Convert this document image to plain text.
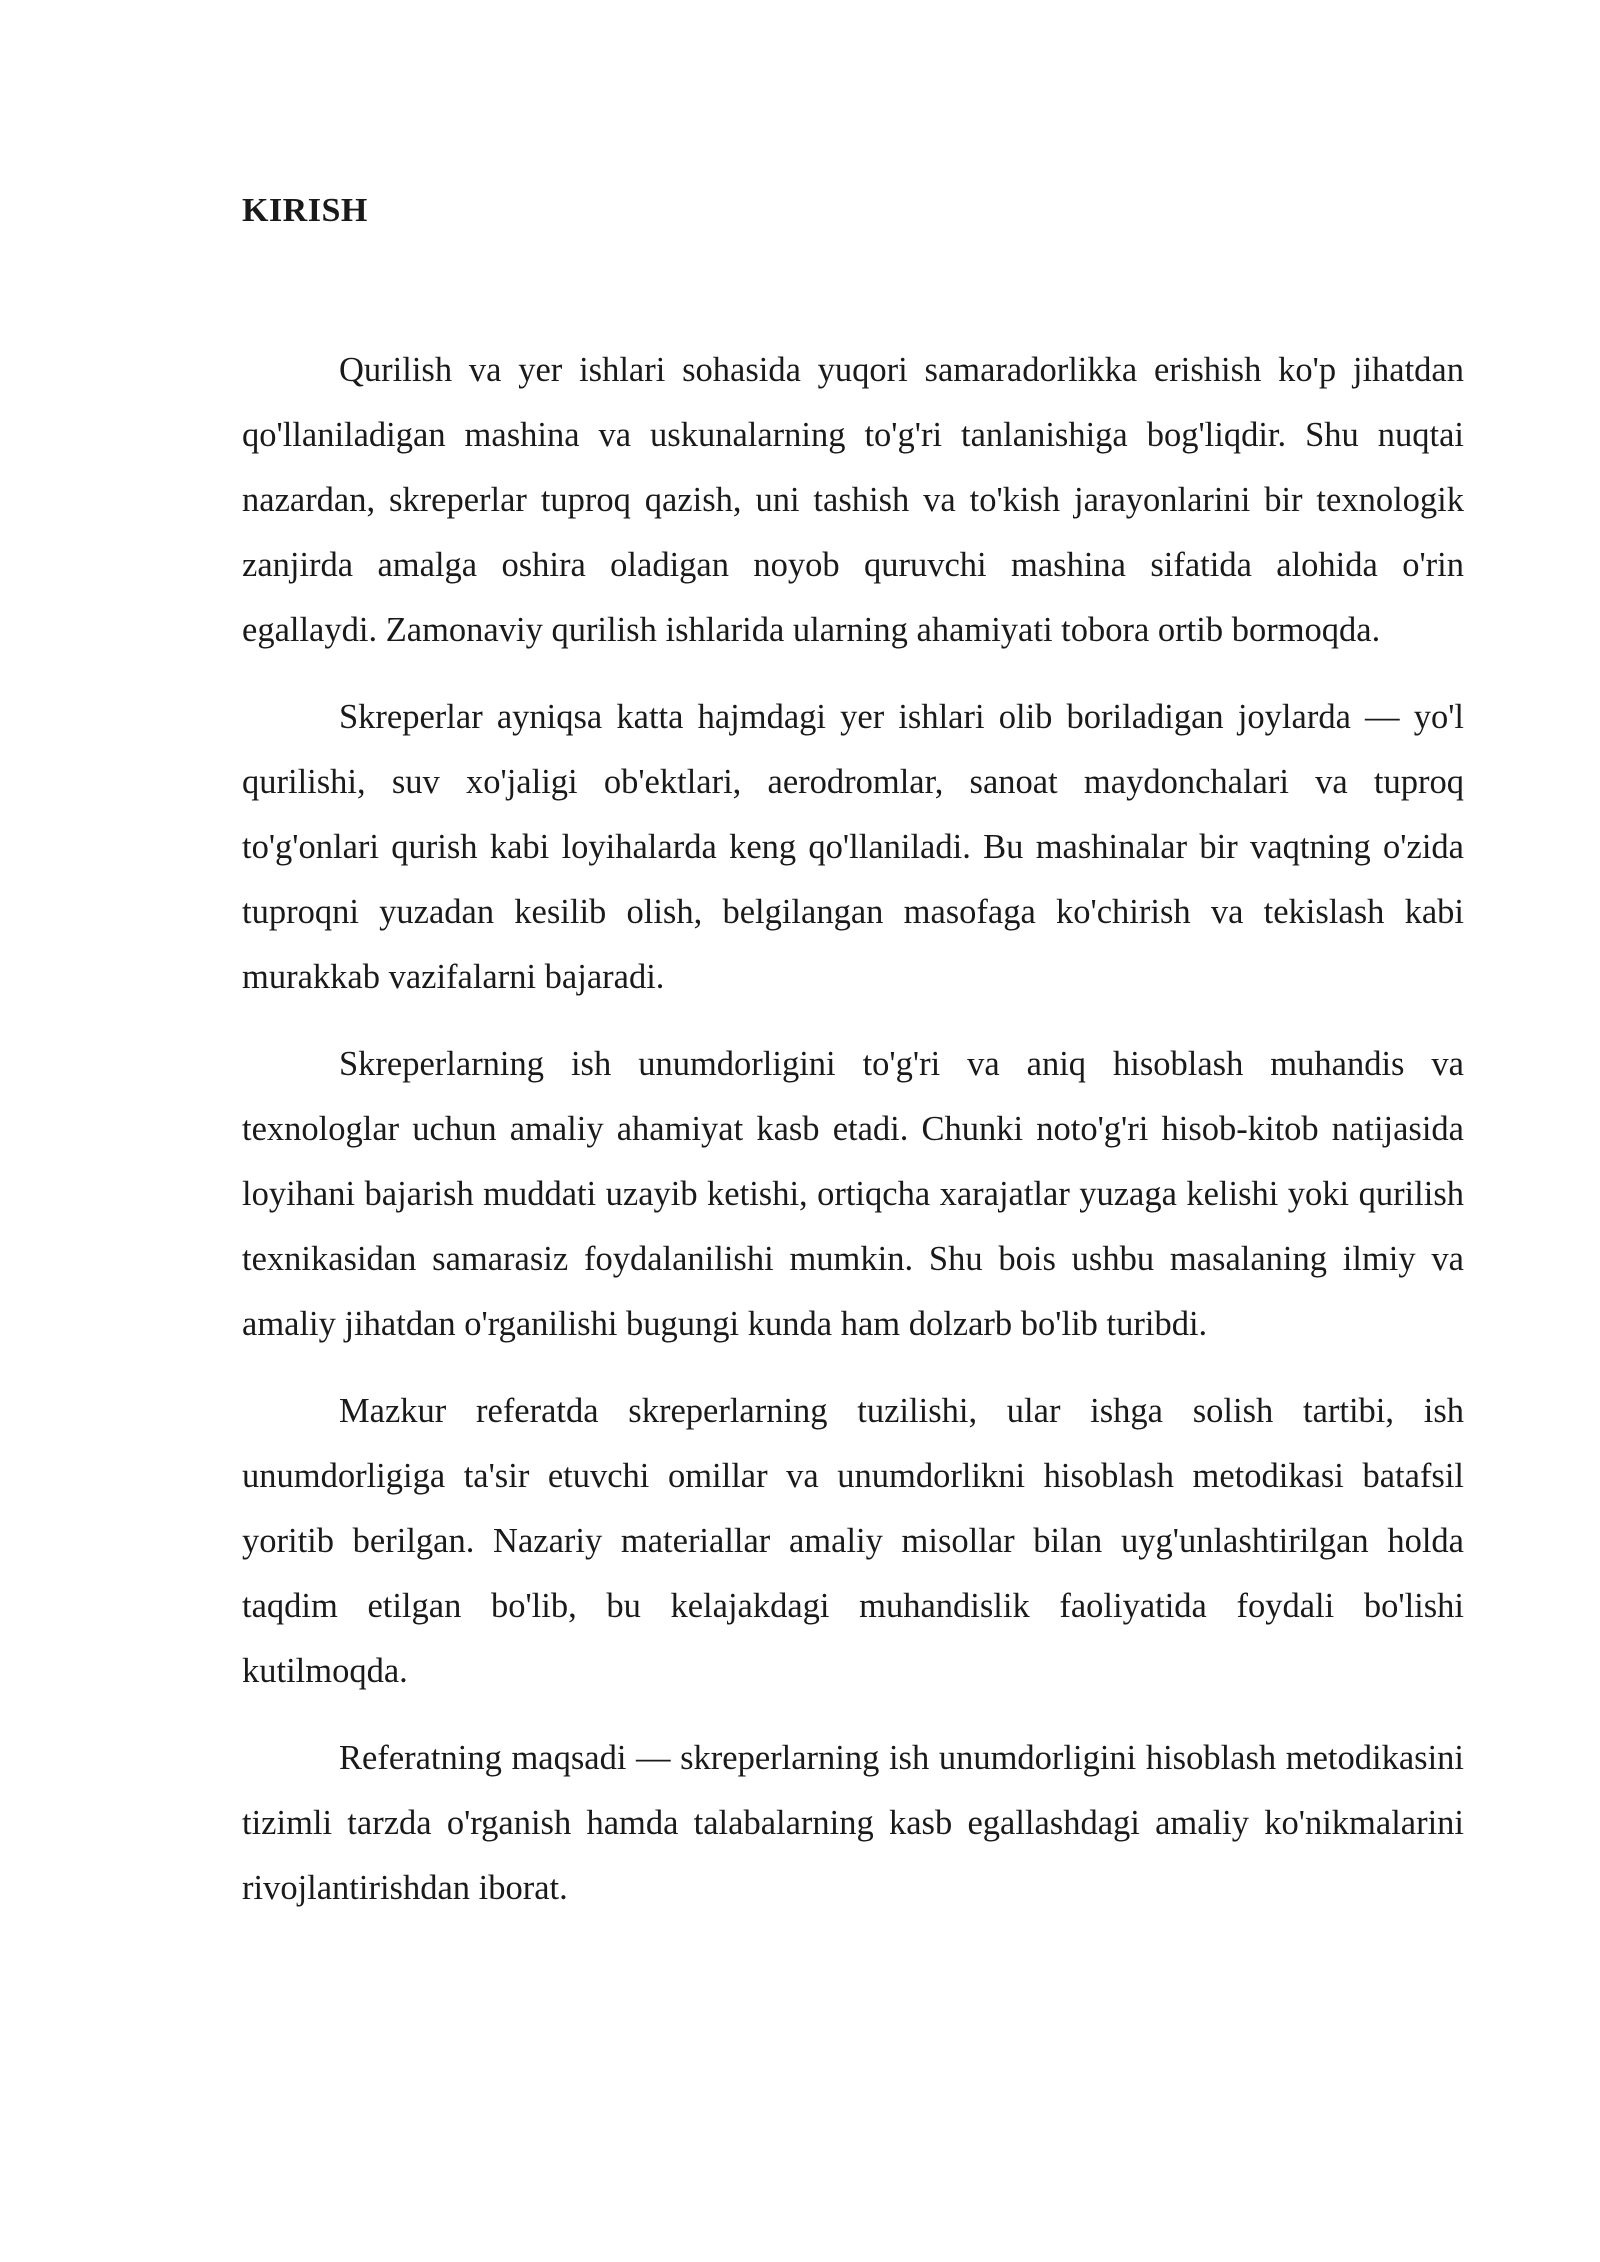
KIRISH

Qurilish va yer ishlari sohasida yuqori samaradorlikka erishish ko'p jihatdan qo'llaniladigan mashina va uskunalarning to'g'ri tanlanishiga bog'liqdir. Shu nuqtai nazardan, skreperlar tuproq qazish, uni tashish va to'kish jarayonlarini bir texnologik zanjirda amalga oshira oladigan noyob quruvchi mashina sifatida alohida o'rin egallaydi. Zamonaviy qurilish ishlarida ularning ahamiyati tobora ortib bormoqda.

Skreperlar ayniqsa katta hajmdagi yer ishlari olib boriladigan joylarda — yo'l qurilishi, suv xo'jaligi ob'ektlari, aerodromlar, sanoat maydonchalari va tuproq to'g'onlari qurish kabi loyihalarda keng qo'llaniladi. Bu mashinalar bir vaqtning o'zida tuproqni yuzadan kesilib olish, belgilangan masofaga ko'chirish va tekislash kabi murakkab vazifalarni bajaradi.

Skreperlarning ish unumdorligini to'g'ri va aniq hisoblash muhandis va texnologlar uchun amaliy ahamiyat kasb etadi. Chunki noto'g'ri hisob-kitob natijasida loyihani bajarish muddati uzayib ketishi, ortiqcha xarajatlar yuzaga kelishi yoki qurilish texnikasidan samarasiz foydalanilishi mumkin. Shu bois ushbu masalaning ilmiy va amaliy jihatdan o'rganilishi bugungi kunda ham dolzarb bo'lib turibdi.

Mazkur referatda skreperlarning tuzilishi, ular ishga solish tartibi, ish unumdorligiga ta'sir etuvchi omillar va unumdorlikni hisoblash metodikasi batafsil yoritib berilgan. Nazariy materiallar amaliy misollar bilan uyg'unlashtirilgan holda taqdim etilgan bo'lib, bu kelajakdagi muhandislik faoliyatida foydali bo'lishi kutilmoqda.

Referatning maqsadi — skreperlarning ish unumdorligini hisoblash metodikasini tizimli tarzda o'rganish hamda talabalarning kasb egallashdagi amaliy ko'nikmalarini rivojlantirishdan iborat.
